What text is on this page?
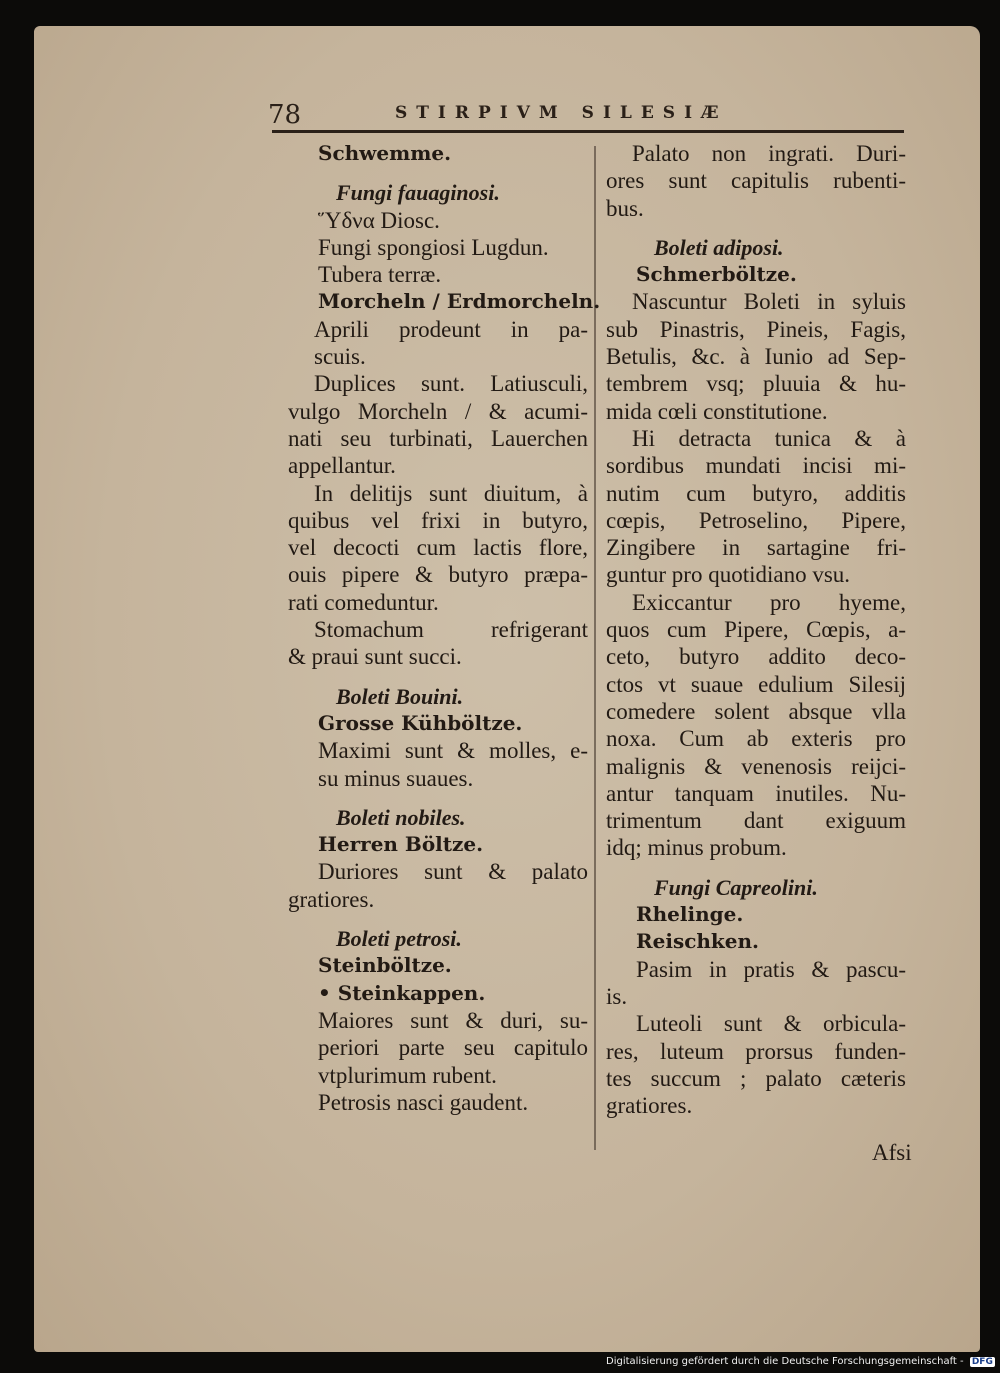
78	STIRPIVM SILESIÆ
Schwemme.
Fungi fauaginosi.
Ὕδνα Diosc.
Fungi spongiosi Lugdun.
Tubera terræ.
Morcheln / Erdmorcheln.
Aprili prodeunt in pa-
scuis.
Duplices sunt. Latiusculi,
vulgo Morcheln / & acumi-
nati seu turbinati, Lauerchen
appellantur.
In delitijs sunt diuitum, à
quibus vel frixi in butyro,
vel decocti cum lactis flore,
ouis pipere & butyro præpa-
rati comeduntur.
Stomachum refrigerant
& praui sunt succi.
Boleti Bouini.
Grosse Kühböltze.
Maximi sunt & molles, e-
su minus suaues.
Boleti nobiles.
Herren Böltze.
Duriores sunt & palato
gratiores.
Boleti petrosi.
Steinböltze.
• Steinkappen.
Maiores sunt & duri, su-
periori parte seu capitulo
vtplurimum rubent.
Petrosis nasci gaudent.
Palato non ingrati. Duri-
ores sunt capitulis rubenti-
bus.
Boleti adiposi.
Schmerböltze.
Nascuntur Boleti in syluis
sub Pinastris, Pineis, Fagis,
Betulis, &c. à Iunio ad Sep-
tembrem vsq; pluuia & hu-
mida cœli constitutione.
Hi detracta tunica & à
sordibus mundati incisi mi-
nutim cum butyro, additis
cœpis, Petroselino, Pipere,
Zingibere in sartagine fri-
guntur pro quotidiano vsu.
Exiccantur pro hyeme,
quos cum Pipere, Cœpis, a-
ceto, butyro addito deco-
ctos vt suaue edulium Silesij
comedere solent absque vlla
noxa. Cum ab exteris pro
malignis & venenosis reijci-
antur tanquam inutiles. Nu-
trimentum dant exiguum
idq; minus probum.
Fungi Capreolini.
Rhelinge.
Reischken.
Pasim in pratis & pascu-
is.
Luteoli sunt & orbicula-
res, luteum prorsus funden-
tes succum ; palato cæteris
gratiores.
Afsi
Digitalisierung gefördert durch die Deutsche Forschungsgemeinschaft - DFG
